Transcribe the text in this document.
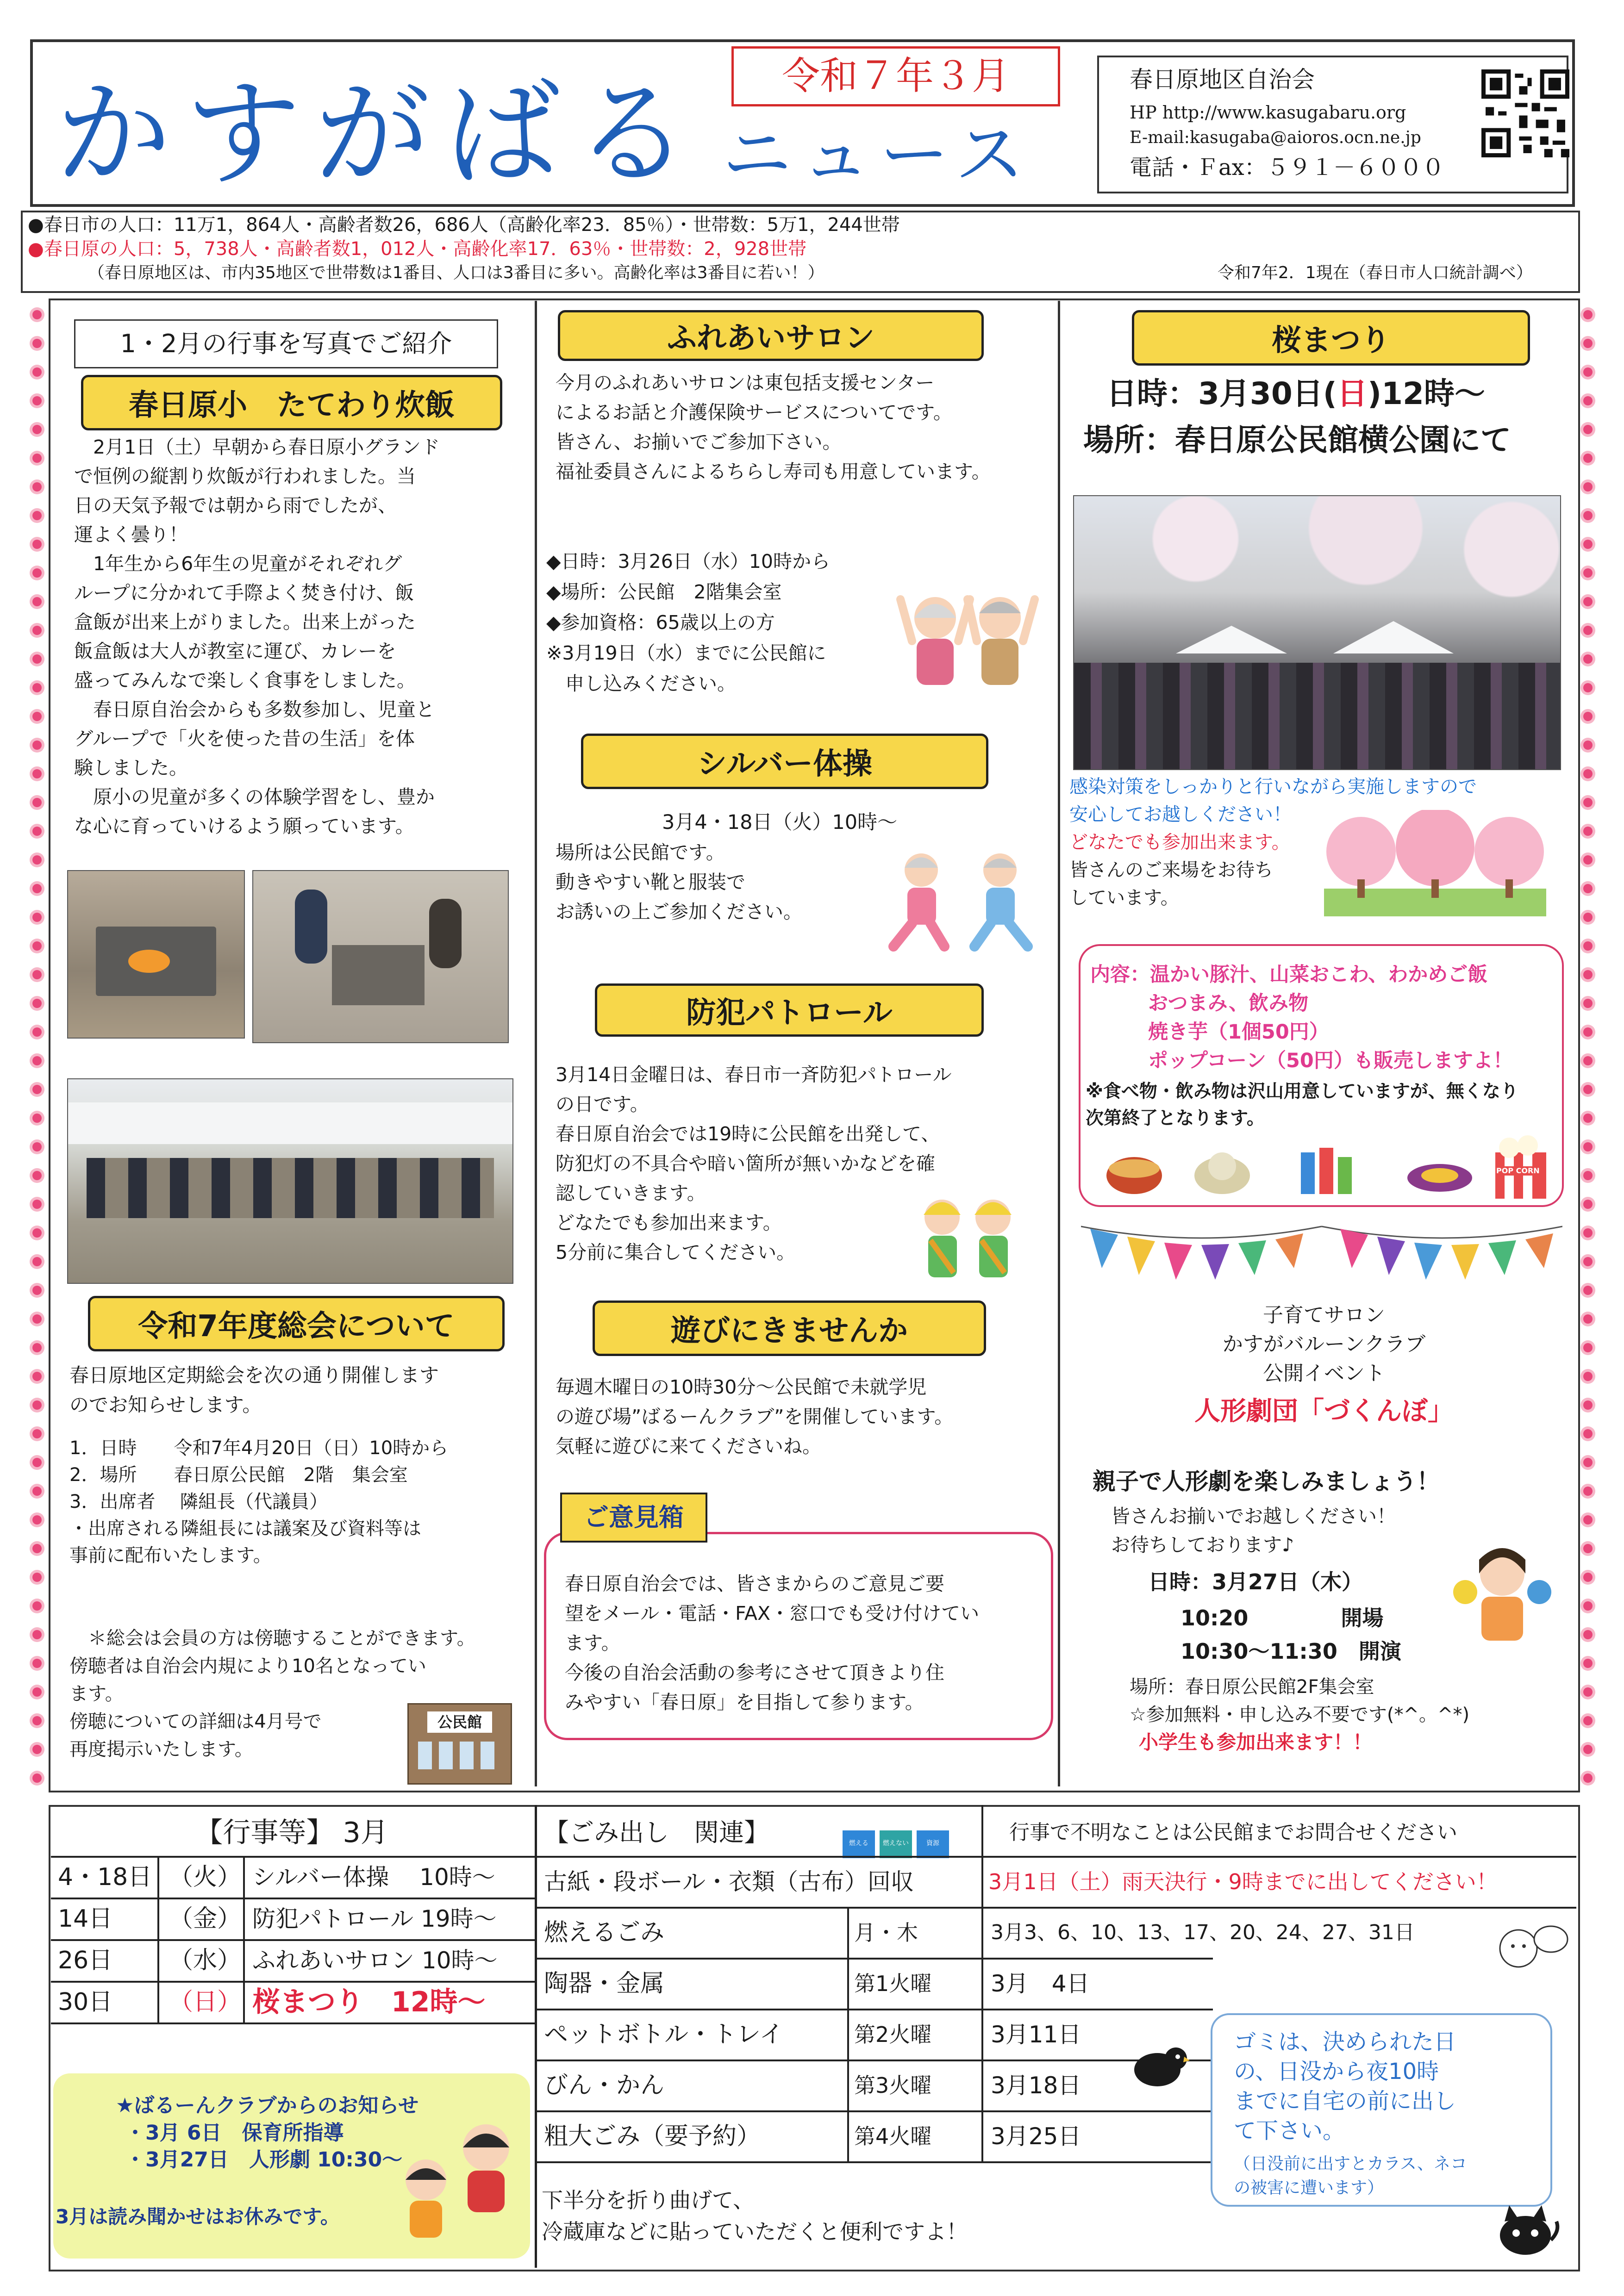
かすがばる ニュース
令和７年３月	春日原地区自治会
HP http://www.kasugabaru.org
E-mail:kasugaba@aioros.ocn.ne.jp
電話・Ｆax：５９１－６０００
●春日市の人口：11万1，864人・高齢者数26，686人（高齢化率23．85％）・世帯数：5万1，244世帯
●春日原の人口：5，738人・高齢者数1，012人・高齢化率17．63％・世帯数：2，928世帯
（春日原地区は、市内35地区で世帯数は1番目、人口は3番目に多い。高齢化率は3番目に若い！）	令和7年2．1現在（春日市人口統計調べ）
1・2月の行事を写真でご紹介
春日原小　たてわり炊飯
　2月1日（土）早朝から春日原小グランド
で恒例の縦割り炊飯が行われました。当
日の天気予報では朝から雨でしたが、
運よく曇り！
　1年生から6年生の児童がそれぞれグ
ループに分かれて手際よく焚き付け、飯
盒飯が出来上がりました。出来上がった
飯盒飯は大人が教室に運び、カレーを
盛ってみんなで楽しく食事をしました。
　春日原自治会からも多数参加し、児童と
グループで「火を使った昔の生活」を体
験しました。
　原小の児童が多くの体験学習をし、豊か
な心に育っていけるよう願っています。
令和7年度総会について
春日原地区定期総会を次の通り開催します
のでお知らせします。
1．日時　　令和7年4月20日（日）10時から
2．場所　　春日原公民館　2階　集会室
3．出席者　 隣組長（代議員）
・出席される隣組長には議案及び資料等は
事前に配布いたします。
　＊総会は会員の方は傍聴することができます。
傍聴者は自治会内規により10名となってい
ます。
傍聴についての詳細は4月号で
再度掲示いたします。
公民館
ふれあいサロン
今月のふれあいサロンは東包括支援センター
によるお話と介護保険サービスについてです。
皆さん、お揃いでご参加下さい。
福祉委員さんによるちらし寿司も用意しています。
◆日時：3月26日（水）10時から
◆場所：公民館　2階集会室
◆参加資格：65歳以上の方
※3月19日（水）までに公民館に
　申し込みください。
シルバー体操
3月4・18日（火）10時～
場所は公民館です。
動きやすい靴と服装で
お誘いの上ご参加ください。
防犯パトロール
3月14日金曜日は、春日市一斉防犯パトロール
の日です。
春日原自治会では19時に公民館を出発して、
防犯灯の不具合や暗い箇所が無いかなどを確
認していきます。
どなたでも参加出来ます。
5分前に集合してください。
遊びにきませんか
毎週木曜日の10時30分～公民館で未就学児
の遊び場”ばるーんクラブ”を開催しています。
気軽に遊びに来てくださいね。
ご意見箱
春日原自治会では、皆さまからのご意見ご要
望をメール・電話・FAX・窓口でも受け付けてい
ます。
今後の自治会活動の参考にさせて頂きより住
みやすい「春日原」を目指して参ります。
桜まつり
日時：3月30日(日)12時～
場所：春日原公民館横公園にて
感染対策をしっかりと行いながら実施しますので
安心してお越しください！
どなたでも参加出来ます。
皆さんのご来場をお待ち
しています。
内容：温かい豚汁、山菜おこわ、わかめご飯
おつまみ、飲み物
焼き芋（1個50円）
ポップコーン（50円）も販売しますよ！
※食べ物・飲み物は沢山用意していますが、無くなり
次第終了となります。
POP CORN
子育てサロン
かすがバルーンクラブ
公開イベント
人形劇団「づくんぼ」
親子で人形劇を楽しみましょう！
皆さんお揃いでお越しください！
お待ちしております♪
日時：3月27日（木）
10:20　　　　 開場
10:30～11:30　開演
場所：春日原公民館2F集会室
☆参加無料・申し込み不要です(*^。^*)
小学生も参加出来ます！！
【行事等】 3月
4・18日 （火） シルバー体操　 10時～
14日 （金） 防犯パトロール 19時～
26日 （水） ふれあいサロン 10時～
30日 （日） 桜まつり　12時～
★ばるーんクラブからのお知らせ
・3月 6日　保育所指導
・3月27日　人形劇 10:30～
3月は読み聞かせはお休みです。
【ごみ出し　関連】	燃える	燃えない	資源	行事で不明なことは公民館までお問合せください
古紙・段ボール・衣類（古布）回収	3月1日（土）雨天決行・9時までに出してください！
燃えるごみ	月・木	3月3、6、10、13、17、20、24、27、31日
陶器・金属	第1火曜	3月　4日
ペットボトル・トレイ	第2火曜	3月11日
びん・かん	第3火曜	3月18日
粗大ごみ（要予約）	第4火曜	3月25日
下半分を折り曲げて、
冷蔵庫などに貼っていただくと便利ですよ！
ゴミは、決められた日
の、日没から夜10時
までに自宅の前に出し
て下さい。
（日没前に出すとカラス、ネコ
の被害に遭います）
